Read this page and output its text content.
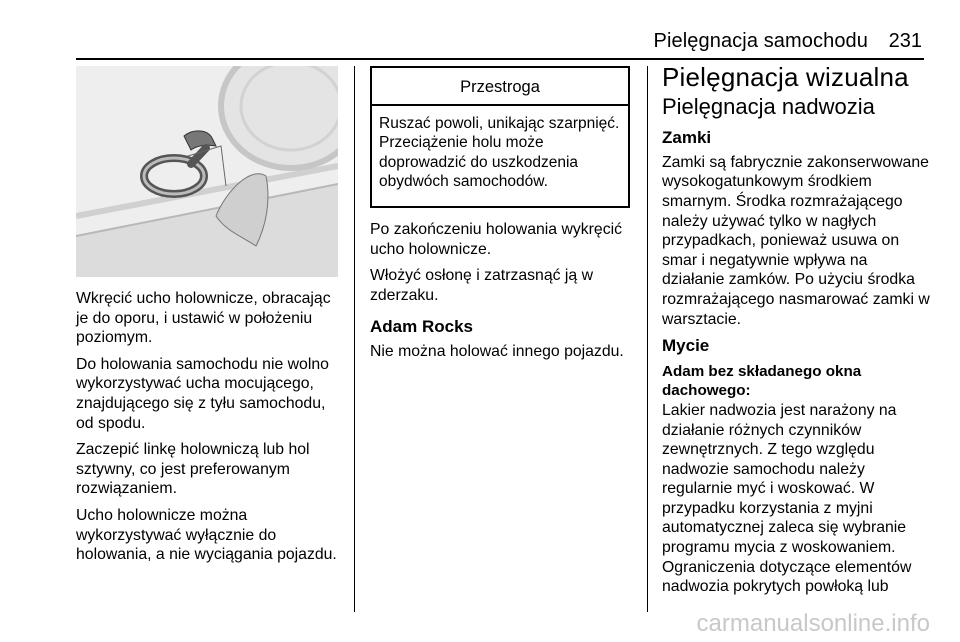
Pielęgnacja samochodu 231

Wkręcić ucho holownicze, obracając je do oporu, i ustawić w położeniu poziomym.

Do holowania samochodu nie wolno wykorzystywać ucha mocującego, znajdującego się z tyłu samochodu, od spodu.

Zaczepić linkę holowniczą lub hol sztywny, co jest preferowanym rozwiązaniem.

Ucho holownicze można wykorzystywać wyłącznie do holowania, a nie wyciągania pojazdu.

Przestroga
Ruszać powoli, unikając szarpnięć. Przeciążenie holu może doprowadzić do uszkodzenia obydwóch samochodów.

Po zakończeniu holowania wykręcić ucho holownicze.

Włożyć osłonę i zatrzasnąć ją w zderzaku.

Adam Rocks

Nie można holować innego pojazdu.

Pielęgnacja wizualna
Pielęgnacja nadwozia
Zamki

Zamki są fabrycznie zakonserwowane wysokogatunkowym środkiem smarnym. Środka rozmrażającego należy używać tylko w nagłych przypadkach, ponieważ usuwa on smar i negatywnie wpływa na działanie zamków. Po użyciu środka rozmrażającego nasmarować zamki w warsztacie.

Mycie
Adam bez składanego okna dachowego:

Lakier nadwozia jest narażony na działanie różnych czynników zewnętrznych. Z tego względu nadwozie samochodu należy regularnie myć i woskować. W przypadku korzystania z myjni automatycznej zaleca się wybranie programu mycia z woskowaniem. Ograniczenia dotyczące elementów nadwozia pokrytych powłoką lub

carmanualsonline.info
